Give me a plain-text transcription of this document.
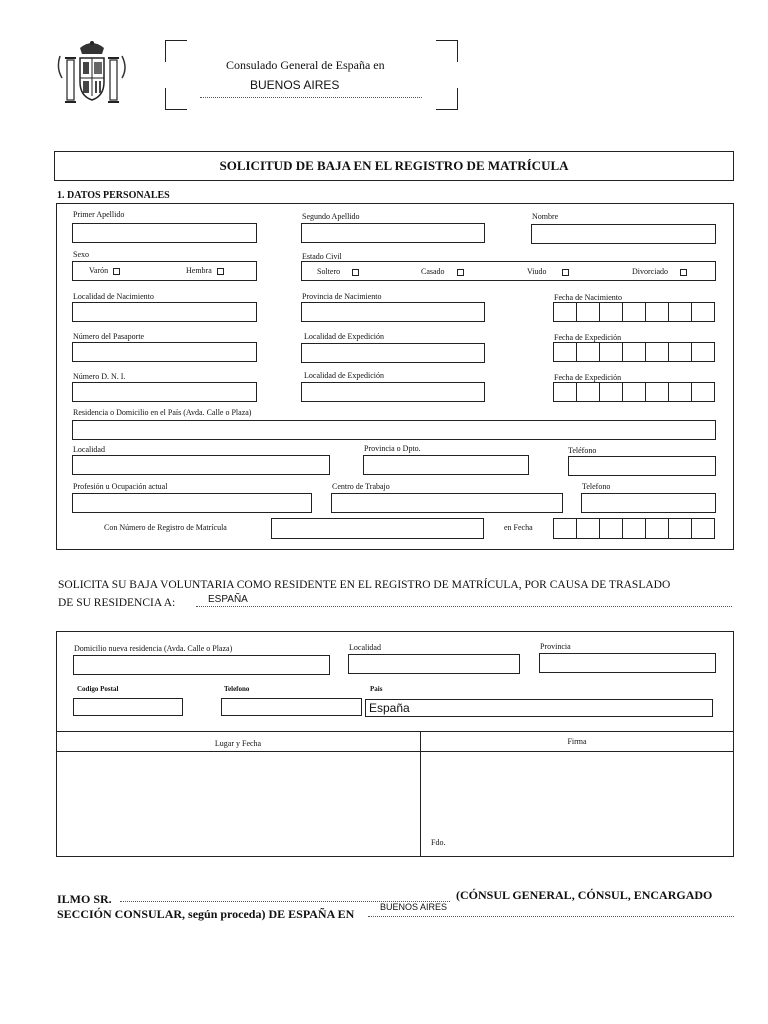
Consulado General de España en
BUENOS AIRES
SOLICITUD DE BAJA EN EL REGISTRO DE MATRÍCULA
1. DATOS PERSONALES
Primer Apellido	Segundo Apellido	Nombre
Sexo
Varón	Hembra
Estado Civil
Soltero	Casado	Viudo	Divorciado
Localidad de Nacimiento	Provincia de Nacimiento	Fecha de Nacimiento
Número del Pasaporte	Localidad de Expedición	Fecha de Expedición
Número D. N. I.	Localidad de Expedición	Fecha de Expedición
Residencia o Domicilio en el País (Avda. Calle o Plaza)
Localidad	Provincia o Dpto.	Teléfono
Profesión u Ocupación actual	Centro de Trabajo	Telefono
Con Número de Registro de Matrícula	en Fecha
SOLICITA SU BAJA VOLUNTARIA COMO RESIDENTE EN EL REGISTRO DE MATRÍCULA, POR CAUSA DE TRASLADO
DE SU RESIDENCIA A:	ESPAÑA
Domicilio nueva residencia (Avda. Calle o Plaza)	Localidad	Provincia
Codigo Postal	Telefono	Pais
España
Lugar y Fecha	Firma
Fdo.
ILMO SR.	(CÓNSUL GENERAL, CÓNSUL, ENCARGADO
SECCIÓN CONSULAR, según proceda) DE ESPAÑA EN	BUENOS AIRES
